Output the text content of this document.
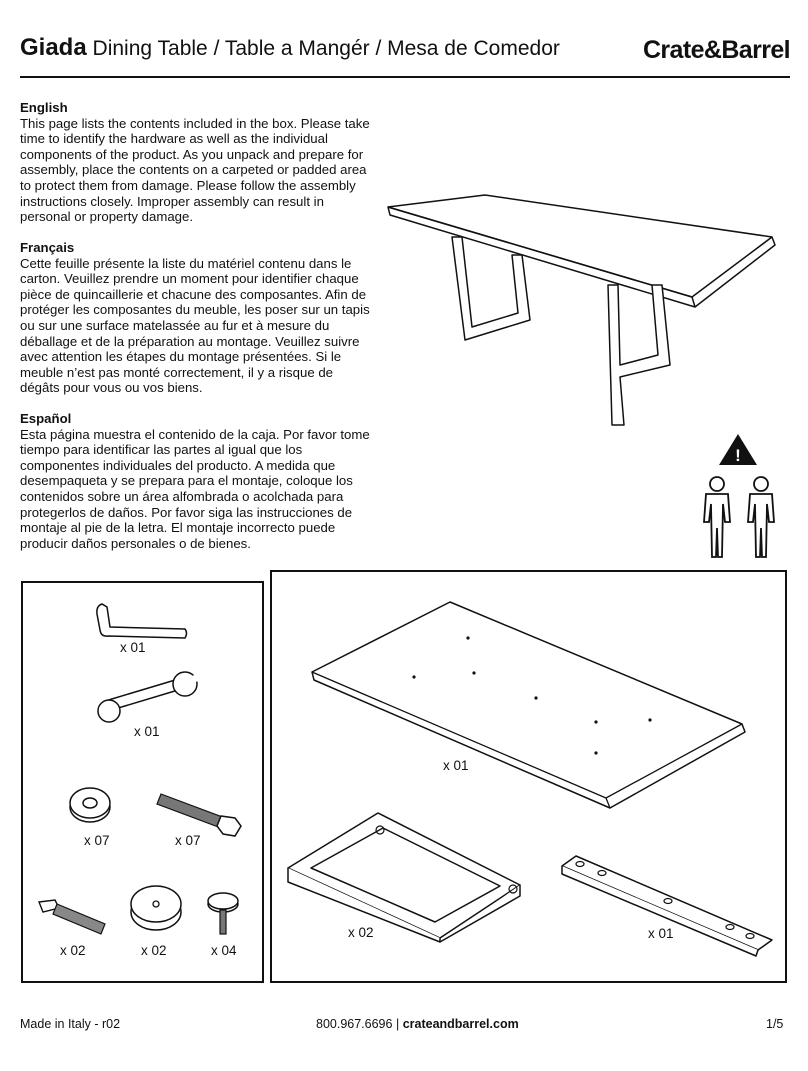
Giada Dining Table / Table a Mangér / Mesa de Comedor	Crate&Barrel
English

This page lists the contents included in the box. Please take time to identify the hardware as well as the individual components of the product. As you unpack and prepare for assembly, place the contents on a carpeted or padded area to protect them from damage. Please follow the assembly instructions closely. Improper assembly can result in personal or property damage.

Français

Cette feuille présente la liste du matériel contenu dans le carton. Veuillez prendre un moment pour identifier chaque pièce de quincaillerie et chacune des composantes. Afin de protéger les composantes du meuble, les poser sur un tapis ou sur une surface matelassée au fur et à mesure du déballage et de la préparation au montage. Veuillez suivre avec attention les étapes du montage présentées. Si le meuble n’est pas monté correctement, il y a risque de dégâts pour vous ou vos biens.

Español

Esta página muestra el contenido de la caja. Por favor tome tiempo para identificar las partes al igual que los componentes individuales del producto. A medida que desempaqueta y se prepara para el montaje, coloque los contenidos sobre un área alfombrada o acolchada para protegerlos de daños. Por favor siga las instrucciones de montaje al pie de la letra. El montaje incorrecto puede producir daños personales o de bienes.

!
x 01
x 01
x 07	x 07
x 02	x 02	x 04
x 01
x 02	x 01
Made in Italy - r02	800.967.6696 | crateandbarrel.com	1/5
